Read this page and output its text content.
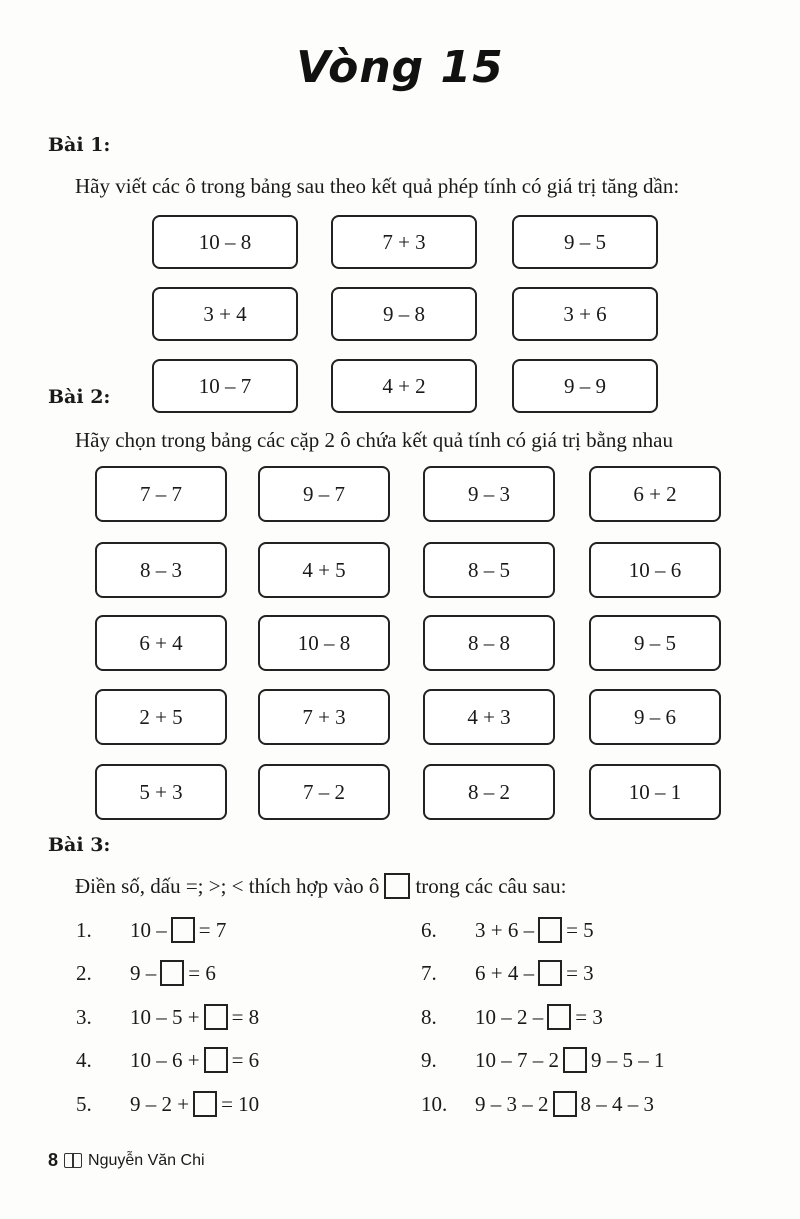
Vòng 15
Bài 1:
Hãy viết các ô trong bảng sau theo kết quả phép tính có giá trị tăng dần:
10 – 8	7 + 3	9 – 5
3 + 4	9 – 8	3 + 6
10 – 7	4 + 2	9 – 9
Bài 2:
Hãy chọn trong bảng các cặp 2 ô chứa kết quả tính có giá trị bằng nhau
7 – 7	9 – 7	9 – 3	6 + 2
8 – 3	4 + 5	8 – 5	10 – 6
6 + 4	10 – 8	8 – 8	9 – 5
2 + 5	7 + 3	4 + 3	9 – 6
5 + 3	7 – 2	8 – 2	10 – 1
Bài 3:
Điền số, dấu =; >; < thích hợp vào ô trong các câu sau:
1.	10 – = 7
2.	9 – = 6
3.	10 – 5 + = 8
4.	10 – 6 + = 6
5.	9 – 2 + = 10
6.	3 + 6 – = 5
7.	6 + 4 – = 3
8.	10 – 2 – = 3
9.	10 – 7 – 2 9 – 5 – 1
10.	9 – 3 – 2 8 – 4 – 3
8 Nguyễn Văn Chi
